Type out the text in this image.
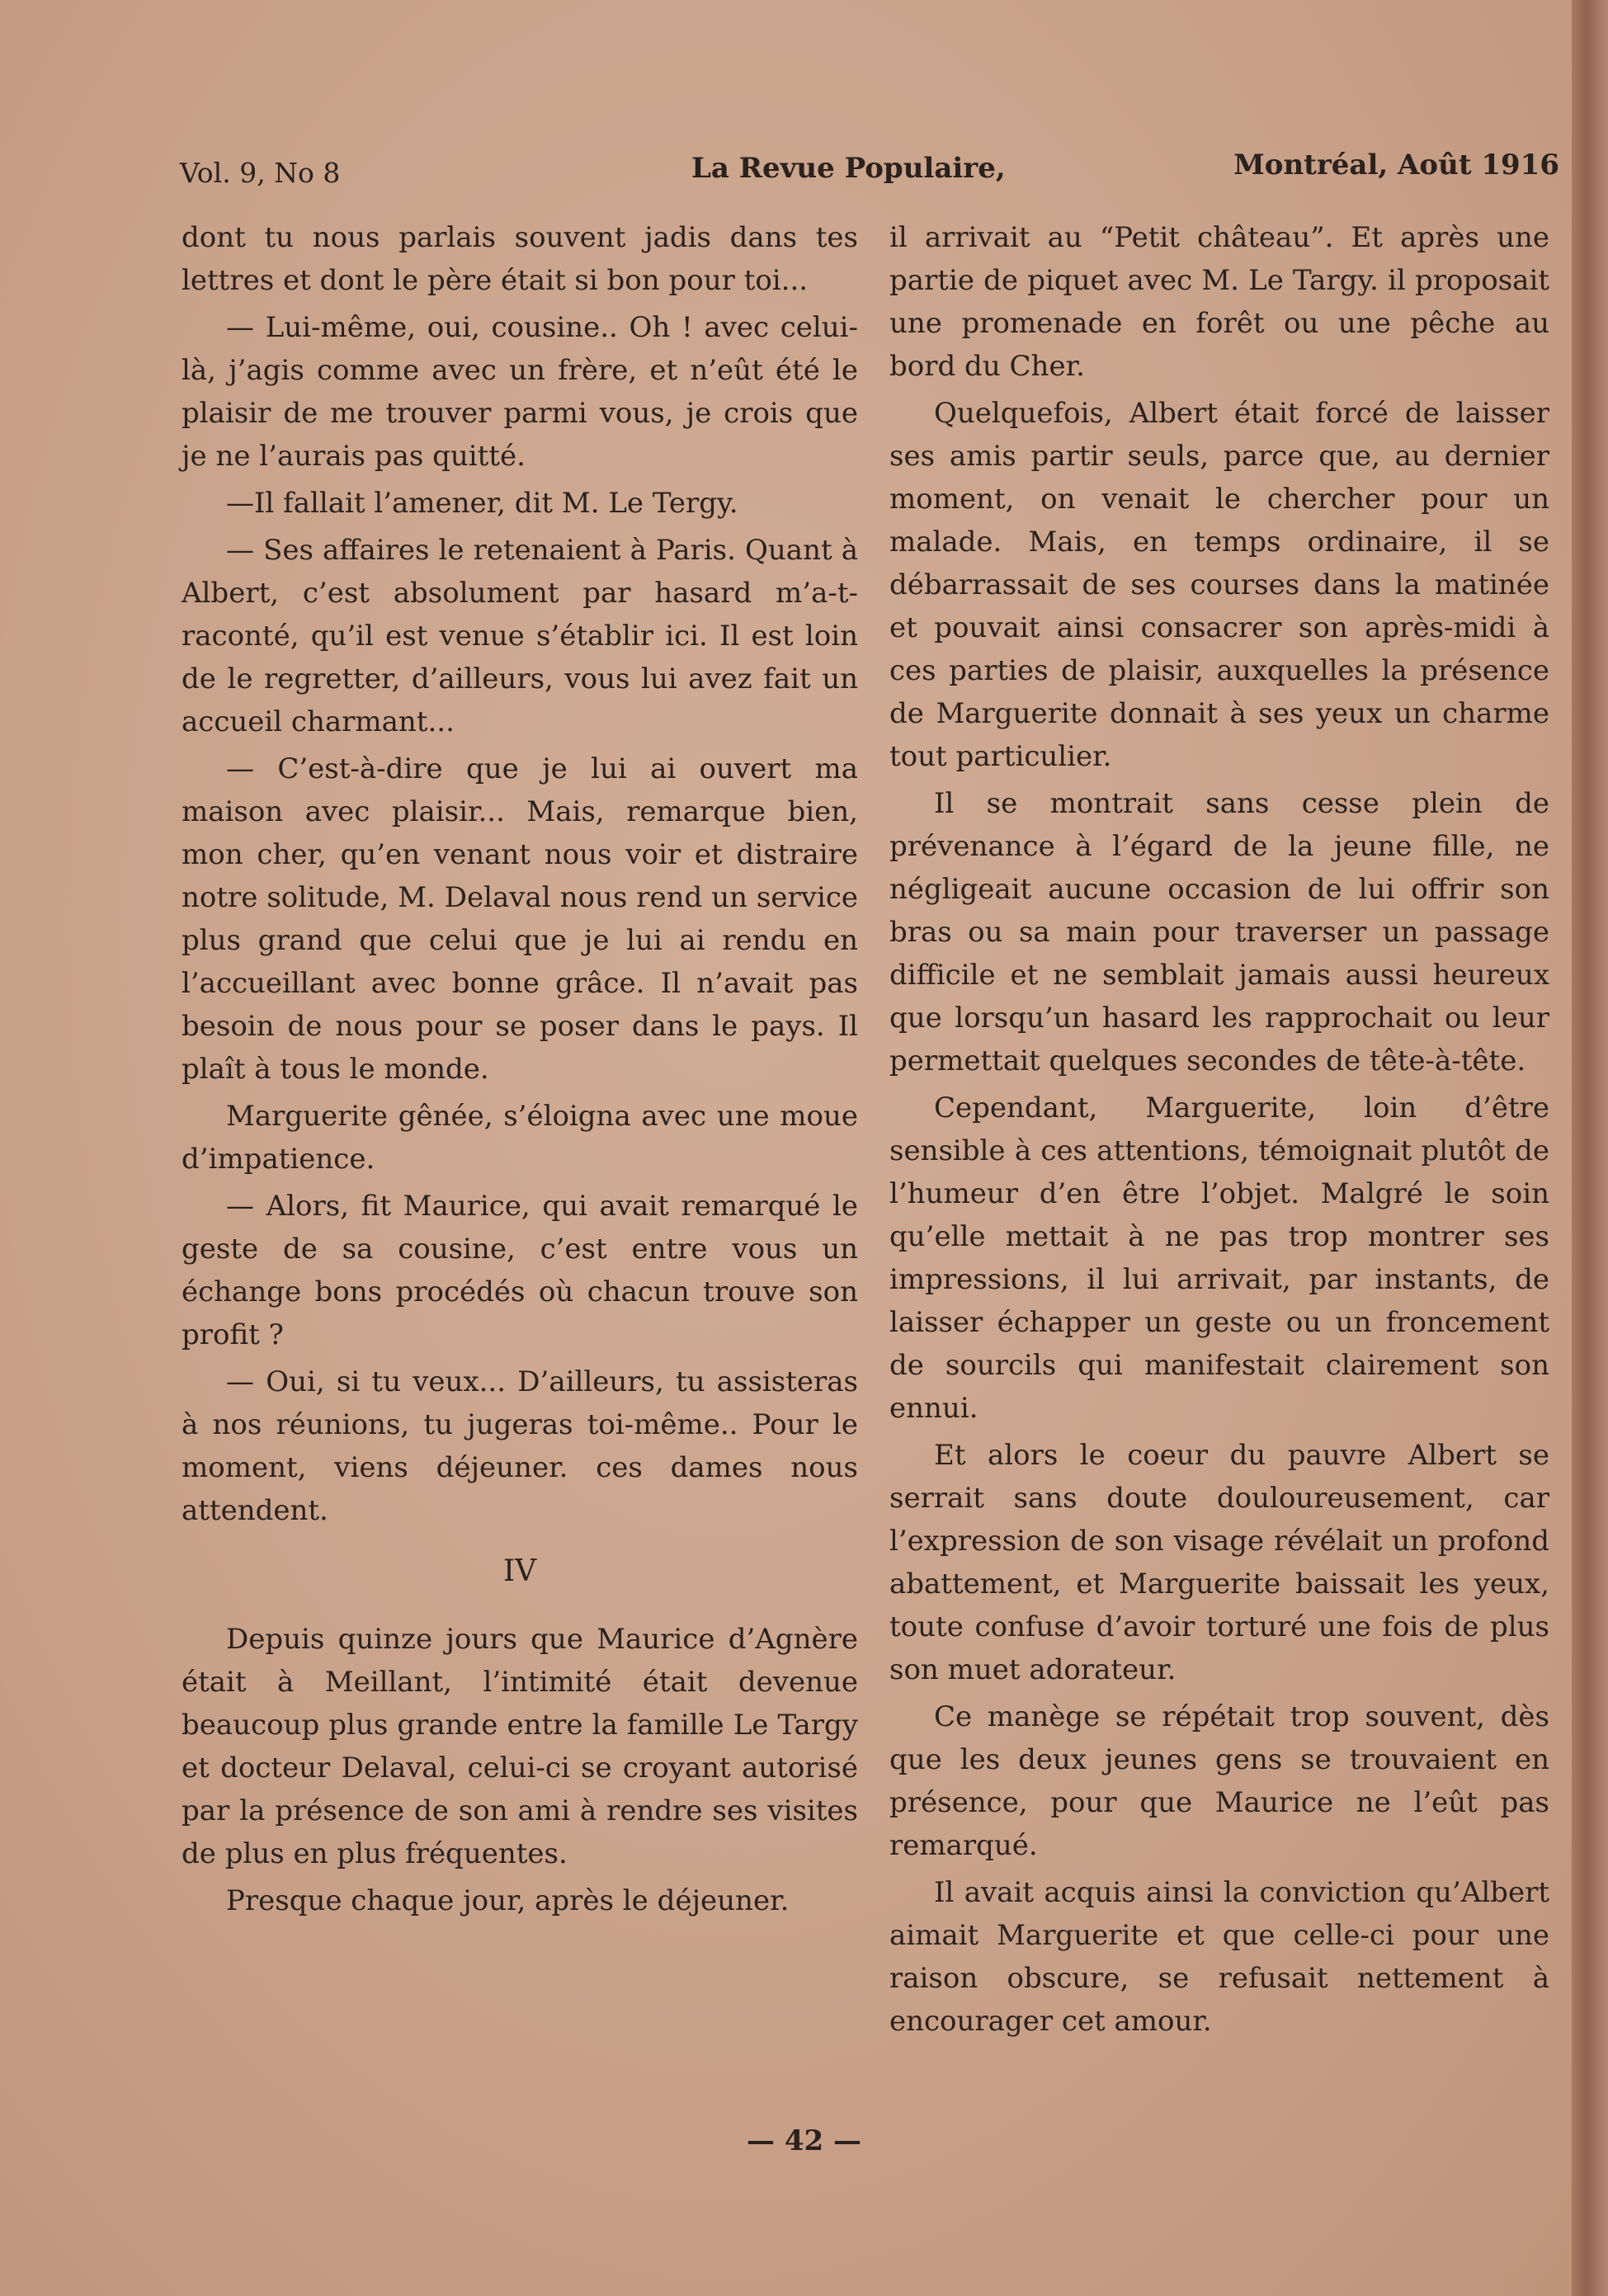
Vol. 9, No 8	La Revue Populaire,	Montréal, Août 1916

dont tu nous parlais souvent jadis dans tes lettres et dont le père était si bon pour toi...

— Lui-même, oui, cousine.. Oh ! avec celui-là, j’agis comme avec un frère, et n’eût été le plaisir de me trouver parmi vous, je crois que je ne l’aurais pas quitté.

—Il fallait l’amener, dit M. Le Tergy.

— Ses affaires le retenaient à Paris. Quant à Albert, c’est absolument par hasard m’a-t- raconté, qu’il est venue s’établir ici. Il est loin de le regretter, d’ailleurs, vous lui avez fait un accueil charmant...

— C’est-à-dire que je lui ai ouvert ma maison avec plaisir... Mais, remarque bien, mon cher, qu’en venant nous voir et distraire notre solitude, M. Delaval nous rend un service plus grand que celui que je lui ai rendu en l’accueillant avec bonne grâce. Il n’avait pas besoin de nous pour se poser dans le pays. Il plaît à tous le monde.

Marguerite gênée, s’éloigna avec une moue d’impatience.

— Alors, fit Maurice, qui avait remarqué le geste de sa cousine, c’est entre vous un échange bons procédés où chacun trouve son profit ?

— Oui, si tu veux... D’ailleurs, tu assisteras à nos réunions, tu jugeras toi-même.. Pour le moment, viens déjeuner. ces dames nous attendent.

IV

Depuis quinze jours que Maurice d’Agnère était à Meillant, l’intimité était devenue beaucoup plus grande entre la famille Le Targy et docteur Delaval, celui-ci se croyant autorisé par la présence de son ami à rendre ses visites de plus en plus fréquentes.

Presque chaque jour, après le déjeuner.

il arrivait au “Petit château”. Et après une partie de piquet avec M. Le Targy. il proposait une promenade en forêt ou une pêche au bord du Cher.

Quelquefois, Albert était forcé de laisser ses amis partir seuls, parce que, au dernier moment, on venait le chercher pour un malade. Mais, en temps ordinaire, il se débarrassait de ses courses dans la matinée et pouvait ainsi consacrer son après-midi à ces parties de plaisir, auxquelles la présence de Marguerite donnait à ses yeux un charme tout particulier.

Il se montrait sans cesse plein de prévenance à l’égard de la jeune fille, ne négligeait aucune occasion de lui offrir son bras ou sa main pour traverser un passage difficile et ne semblait jamais aussi heureux que lorsqu’un hasard les rapprochait ou leur permettait quelques secondes de tête-à-tête.

Cependant, Marguerite, loin d’être sensible à ces attentions, témoignait plutôt de l’humeur d’en être l’objet. Malgré le soin qu’elle mettait à ne pas trop montrer ses impressions, il lui arrivait, par instants, de laisser échapper un geste ou un froncement de sourcils qui manifestait clairement son ennui.

Et alors le coeur du pauvre Albert se serrait sans doute douloureusement, car l’expression de son visage révélait un profond abattement, et Marguerite baissait les yeux, toute confuse d’avoir torturé une fois de plus son muet adorateur.

Ce manège se répétait trop souvent, dès que les deux jeunes gens se trouvaient en présence, pour que Maurice ne l’eût pas remarqué.

Il avait acquis ainsi la conviction qu’Albert aimait Marguerite et que celle-ci pour une raison obscure, se refusait nettement à encourager cet amour.

— 42 —
